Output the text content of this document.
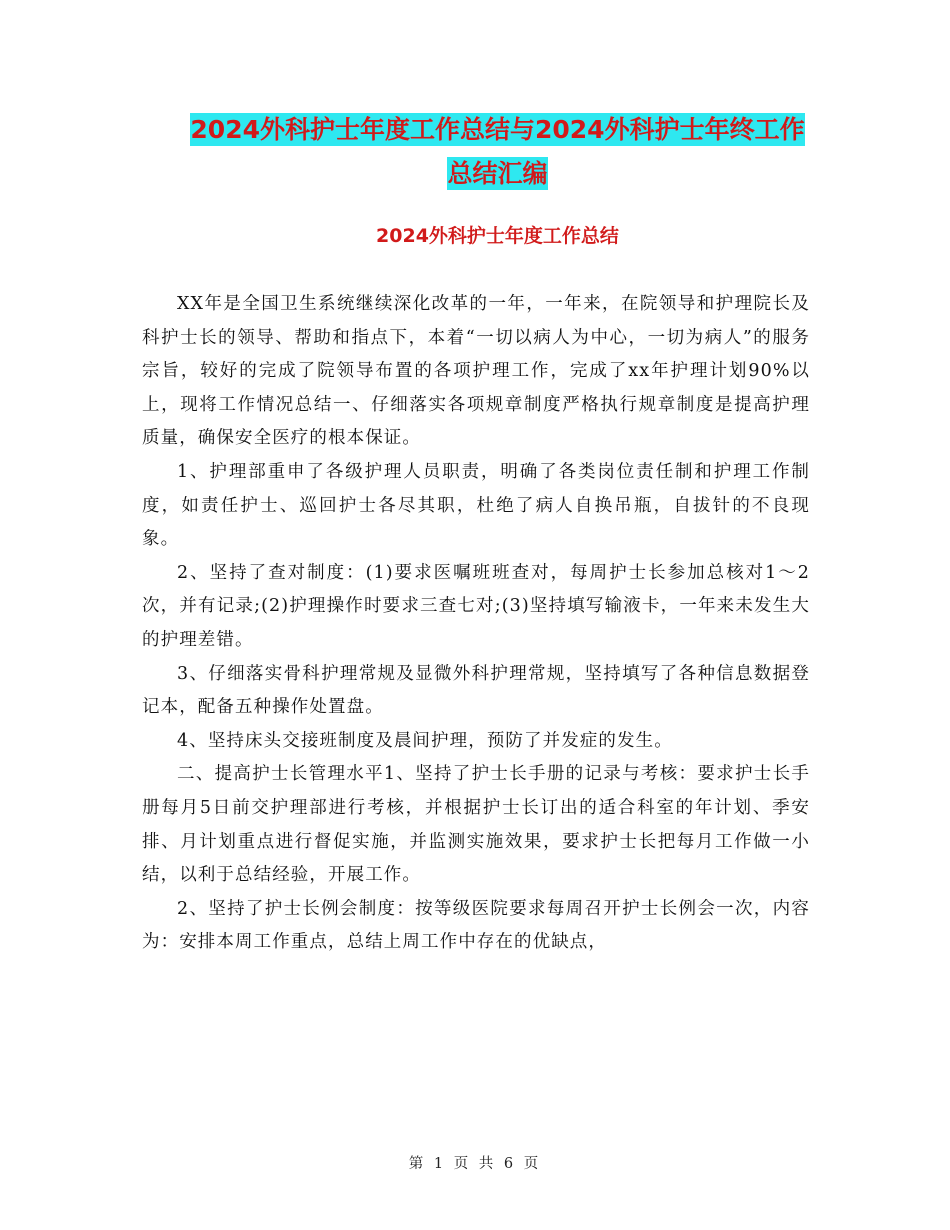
2024外科护士年度工作总结与2024外科护士年终工作
总结汇编
2024外科护士年度工作总结

XX年是全国卫生系统继续深化改革的一年，一年来，在院领导和护理院长及科护士长的领导、帮助和指点下，本着“一切以病人为中心，一切为病人”的服务宗旨，较好的完成了院领导布置的各项护理工作，完成了xx年护理计划90%以上，现将工作情况总结一、仔细落实各项规章制度严格执行规章制度是提高护理质量，确保安全医疗的根本保证。

1、护理部重申了各级护理人员职责，明确了各类岗位责任制和护理工作制度，如责任护士、巡回护士各尽其职，杜绝了病人自换吊瓶，自拔针的不良现象。

2、坚持了查对制度：(1)要求医嘱班班查对，每周护士长参加总核对1～2次，并有记录;(2)护理操作时要求三查七对;(3)坚持填写输液卡，一年来未发生大的护理差错。

3、仔细落实骨科护理常规及显微外科护理常规，坚持填写了各种信息数据登记本，配备五种操作处置盘。

4、坚持床头交接班制度及晨间护理，预防了并发症的发生。

二、提高护士长管理水平1、坚持了护士长手册的记录与考核：要求护士长手册每月5日前交护理部进行考核，并根据护士长订出的适合科室的年计划、季安排、月计划重点进行督促实施，并监测实施效果，要求护士长把每月工作做一小结，以利于总结经验，开展工作。

2、坚持了护士长例会制度：按等级医院要求每周召开护士长例会一次，内容为：安排本周工作重点，总结上周工作中存在的优缺点，

第 1 页 共 6 页
